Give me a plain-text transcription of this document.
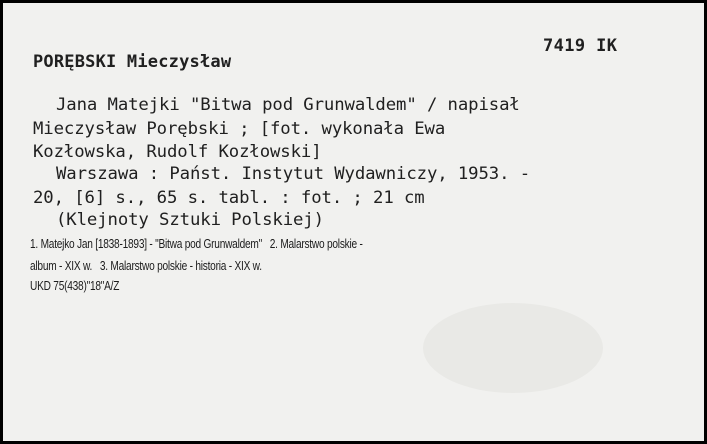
7419 IK

PORĘBSKI Mieczysław

Jana Matejki "Bitwa pod Grunwaldem" / napisał

Mieczysław Porębski ; [fot. wykonała Ewa

Kozłowska, Rudolf Kozłowski]

Warszawa : Państ. Instytut Wydawniczy, 1953. -

20, [6] s., 65 s. tabl. : fot. ; 21 cm

(Klejnoty Sztuki Polskiej)

1. Matejko Jan [1838-1893] - "Bitwa pod Grunwaldem"   2. Malarstwo polskie -

album - XIX w.   3. Malarstwo polskie - historia - XIX w.

UKD 75(438)"18"A/Z
